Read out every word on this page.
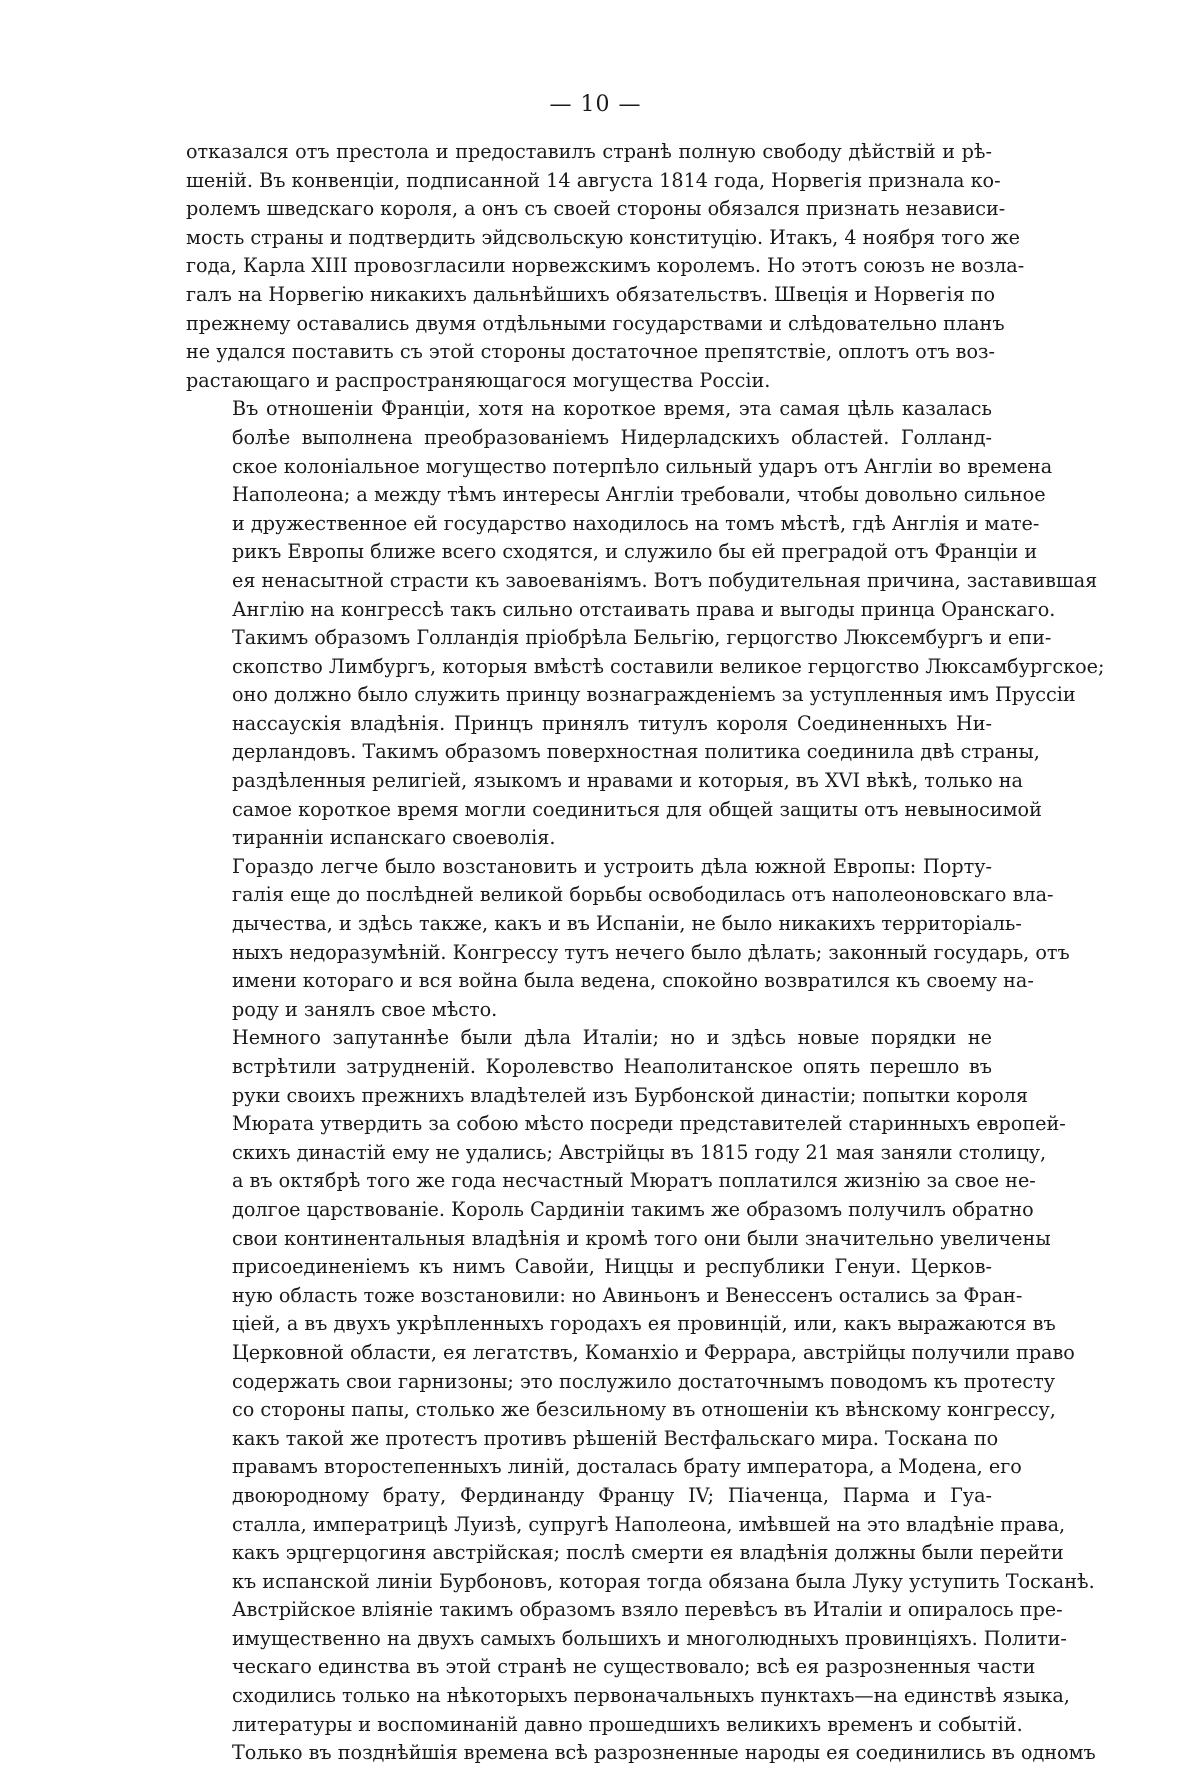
— 10 —

отказался отъ престола и предоставилъ странѣ полную свободу дѣйствій и рѣ-
шеній. Въ конвенціи, подписанной 14 августа 1814 года, Норвегія признала ко-
ролемъ шведскаго короля, а онъ съ своей стороны обязался признать независи-
мость страны и подтвердить эйдсвольскую конституцію. Итакъ, 4 ноября того же
года, Карла XIII провозгласили норвежскимъ королемъ. Но этотъ союзъ не возла-
галъ на Норвегію никакихъ дальнѣйшихъ обязательствъ. Швеція и Норвегія по
прежнему оставались двумя отдѣльными государствами и слѣдовательно планъ
не удался поставить съ этой стороны достаточное препятствіе, оплотъ отъ воз-
растающаго и распространяющагося могущества Россіи.

Въ отношеніи Франціи, хотя на короткое время, эта самая цѣль казалась
болѣе выполнена преобразованіемъ Нидерладскихъ областей. Голланд-
ское колоніальное могущество потерпѣло сильный ударъ отъ Англіи во времена
Наполеона; а между тѣмъ интересы Англіи требовали, чтобы довольно сильное
и дружественное ей государство находилось на томъ мѣстѣ, гдѣ Англія и мате-
рикъ Европы ближе всего сходятся, и служило бы ей преградой отъ Франціи и
ея ненасытной страсти къ завоеваніямъ. Вотъ побудительная причина, заставившая
Англію на конгрессѣ такъ сильно отстаивать права и выгоды принца Оранскаго.
Такимъ образомъ Голландія пріобрѣла Бельгію, герцогство Люксембургъ и епи-
скопство Лимбургъ, которыя вмѣстѣ составили великое герцогство Люксамбургское;
оно должно было служить принцу вознагражденіемъ за уступленныя имъ Пруссіи
нассаускія владѣнія. Принцъ принялъ титулъ короля Соединенныхъ Ни-
дерландовъ. Такимъ образомъ поверхностная политика соединила двѣ страны,
раздѣленныя религіей, языкомъ и нравами и которыя, въ XVI вѣкѣ, только на
самое короткое время могли соединиться для общей защиты отъ невыносимой
тиранніи испанскаго своеволія.

Гораздо легче было возстановить и устроить дѣла южной Европы: Порту-
галія еще до послѣдней великой борьбы освободилась отъ наполеоновскаго вла-
дычества, и здѣсь также, какъ и въ Испаніи, не было никакихъ территоріаль-
ныхъ недоразумѣній. Конгрессу тутъ нечего было дѣлать; законный государь, отъ
имени котораго и вся война была ведена, спокойно возвратился къ своему на-
роду и занялъ свое мѣсто.

Немного запутаннѣе были дѣла Италіи; но и здѣсь новые порядки не
встрѣтили затрудненій. Королевство Неаполитанское опять перешло въ
руки своихъ прежнихъ владѣтелей изъ Бурбонской династіи; попытки короля
Мюрата утвердить за собою мѣсто посреди представителей старинныхъ европей-
скихъ династій ему не удались; Австрійцы въ 1815 году 21 мая заняли столицу,
а въ октябрѣ того же года несчастный Мюратъ поплатился жизнію за свое не-
долгое царствованіе. Король Сардиніи такимъ же образомъ получилъ обратно
свои континентальныя владѣнія и кромѣ того они были значительно увеличены
присоединеніемъ къ нимъ Савойи, Ниццы и республики Генуи. Церков-
ную область тоже возстановили: но Авиньонъ и Венессенъ остались за Фран-
ціей, а въ двухъ укрѣпленныхъ городахъ ея провинцій, или, какъ выражаются въ
Церковной области, ея легатствъ, Команхіо и Феррара, австрійцы получили право
содержать свои гарнизоны; это послужило достаточнымъ поводомъ къ протесту
со стороны папы, столько же безсильному въ отношеніи къ вѣнскому конгрессу,
какъ такой же протестъ противъ рѣшеній Вестфальскаго мира. Тоскана по
правамъ второстепенныхъ линій, досталась брату императора, а Модена, его
двоюродному брату, Фердинанду Францу IV; Піаченца, Парма и Гуа-
сталла, императрицѣ Луизѣ, супругѣ Наполеона, имѣвшей на это владѣніе права,
какъ эрцгерцогиня австрійская; послѣ смерти ея владѣнія должны были перейти
къ испанской линіи Бурбоновъ, которая тогда обязана была Луку уступить Тосканѣ.
Австрійское вліяніе такимъ образомъ взяло перевѣсъ въ Италіи и опиралось пре-
имущественно на двухъ самыхъ большихъ и многолюдныхъ провинціяхъ. Полити-
ческаго единства въ этой странѣ не существовало; всѣ ея разрозненныя части
сходились только на нѣкоторыхъ первоначальныхъ пунктахъ—на единствѣ языка,
литературы и воспоминаній давно прошедшихъ великихъ временъ и событій.
Только въ позднѣйшія времена всѣ разрозненные народы ея соединились въ одномъ
